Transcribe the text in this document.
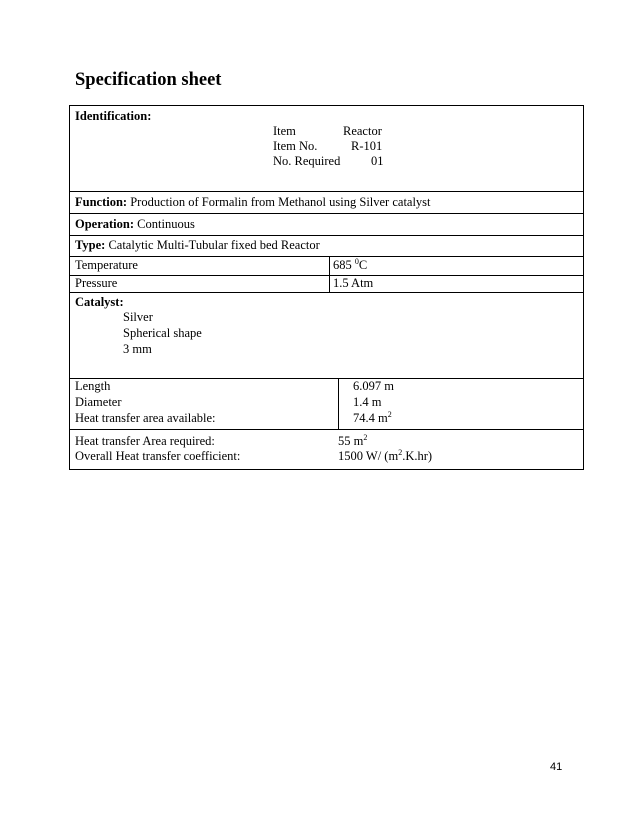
Specification sheet
Identification:
Item	Reactor
Item No.	R-101
No. Required 01
Function: Production of Formalin from Methanol using Silver catalyst
Operation: Continuous
Type: Catalytic Multi-Tubular fixed bed Reactor
Temperature	685 $^0$C
Pressure	1.5 Atm
Catalyst:
Silver
Spherical shape
3 mm
Length	6.097 m
Diameter	1.4 m
Heat transfer area available:	74.4 $m^2$
Heat transfer Area required:	55 $m^2$
Overall Heat transfer coefficient:	1500 W/ $(m^2.K.hr)$
41
